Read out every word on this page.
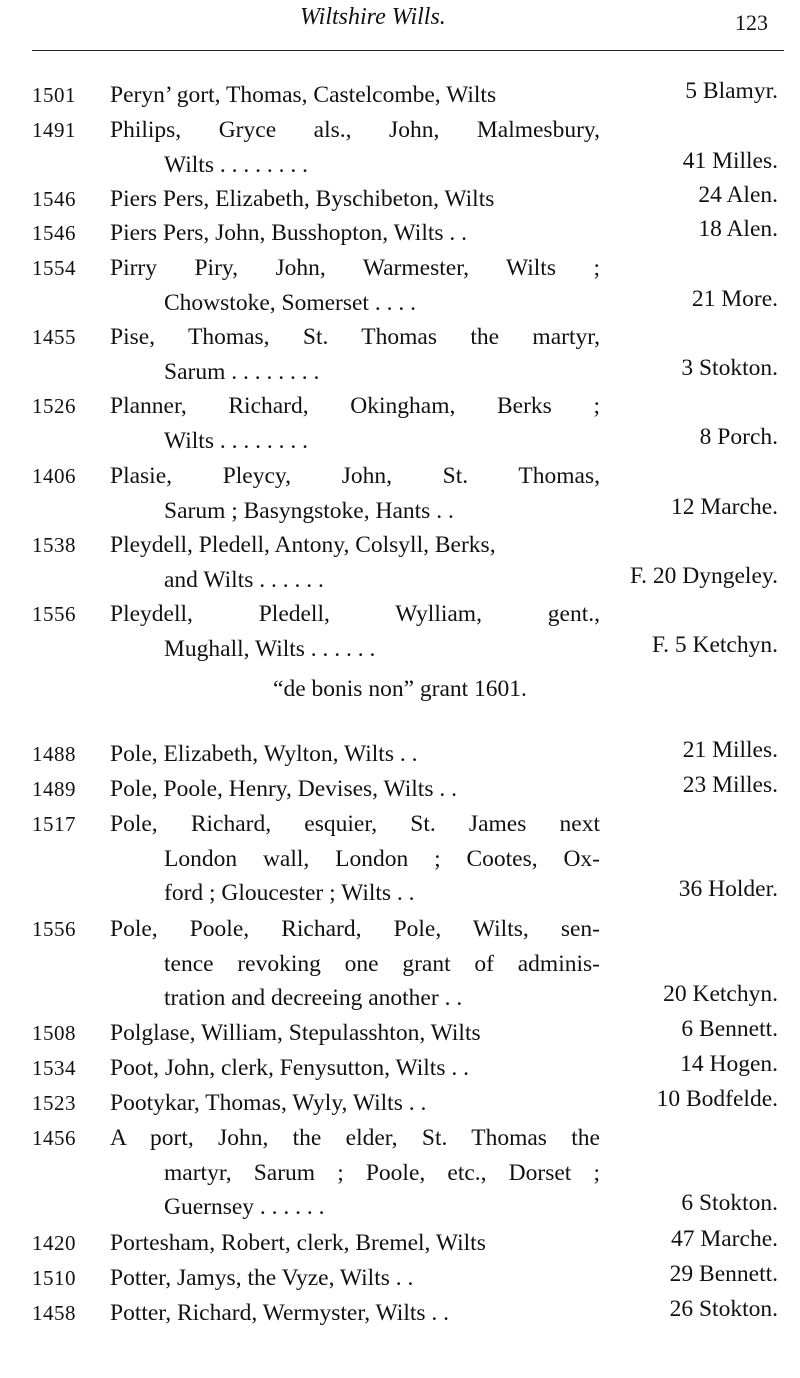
Wiltshire Wills.	123
1501 Peryn’ gort, Thomas, Castelcombe, Wilts	5 Blamyr.
1491 Philips, Gryce als., John, Malmesbury,
Wilts . . . . . . . .	41 Milles.
1546 Piers Pers, Elizabeth, Byschibeton, Wilts	24 Alen.
1546 Piers Pers, John, Busshopton, Wilts . .	18 Alen.
1554 Pirry Piry, John, Warmester, Wilts ;
Chowstoke, Somerset . . . .	21 More.
1455 Pise, Thomas, St. Thomas the martyr,
Sarum . . . . . . . .	3 Stokton.
1526 Planner, Richard, Okingham, Berks ;
Wilts . . . . . . . .	8 Porch.
1406 Plasie, Pleycy, John, St. Thomas,
Sarum ; Basyngstoke, Hants . .	12 Marche.
1538 Pleydell, Pledell, Antony, Colsyll, Berks,
and Wilts . . . . . .	F. 20 Dyngeley.
1556 Pleydell, Pledell, Wylliam, gent.,
Mughall, Wilts . . . . . .	F. 5 Ketchyn.
“de bonis non” grant 1601.
1488 Pole, Elizabeth, Wylton, Wilts . .	21 Milles.
1489 Pole, Poole, Henry, Devises, Wilts . .	23 Milles.
1517 Pole, Richard, esquier, St. James next
London wall, London ; Cootes, Ox-
ford ; Gloucester ; Wilts . .	36 Holder.
1556 Pole, Poole, Richard, Pole, Wilts, sen-
tence revoking one grant of adminis-
tration and decreeing another . .	20 Ketchyn.
1508 Polglase, William, Stepulasshton, Wilts	6 Bennett.
1534 Poot, John, clerk, Fenysutton, Wilts . .	14 Hogen.
1523 Pootykar, Thomas, Wyly, Wilts . .	10 Bodfelde.
1456 A port, John, the elder, St. Thomas the
martyr, Sarum ; Poole, etc., Dorset ;
Guernsey . . . . . .	6 Stokton.
1420 Portesham, Robert, clerk, Bremel, Wilts	47 Marche.
1510 Potter, Jamys, the Vyze, Wilts . .	29 Bennett.
1458 Potter, Richard, Wermyster, Wilts . .	26 Stokton.
